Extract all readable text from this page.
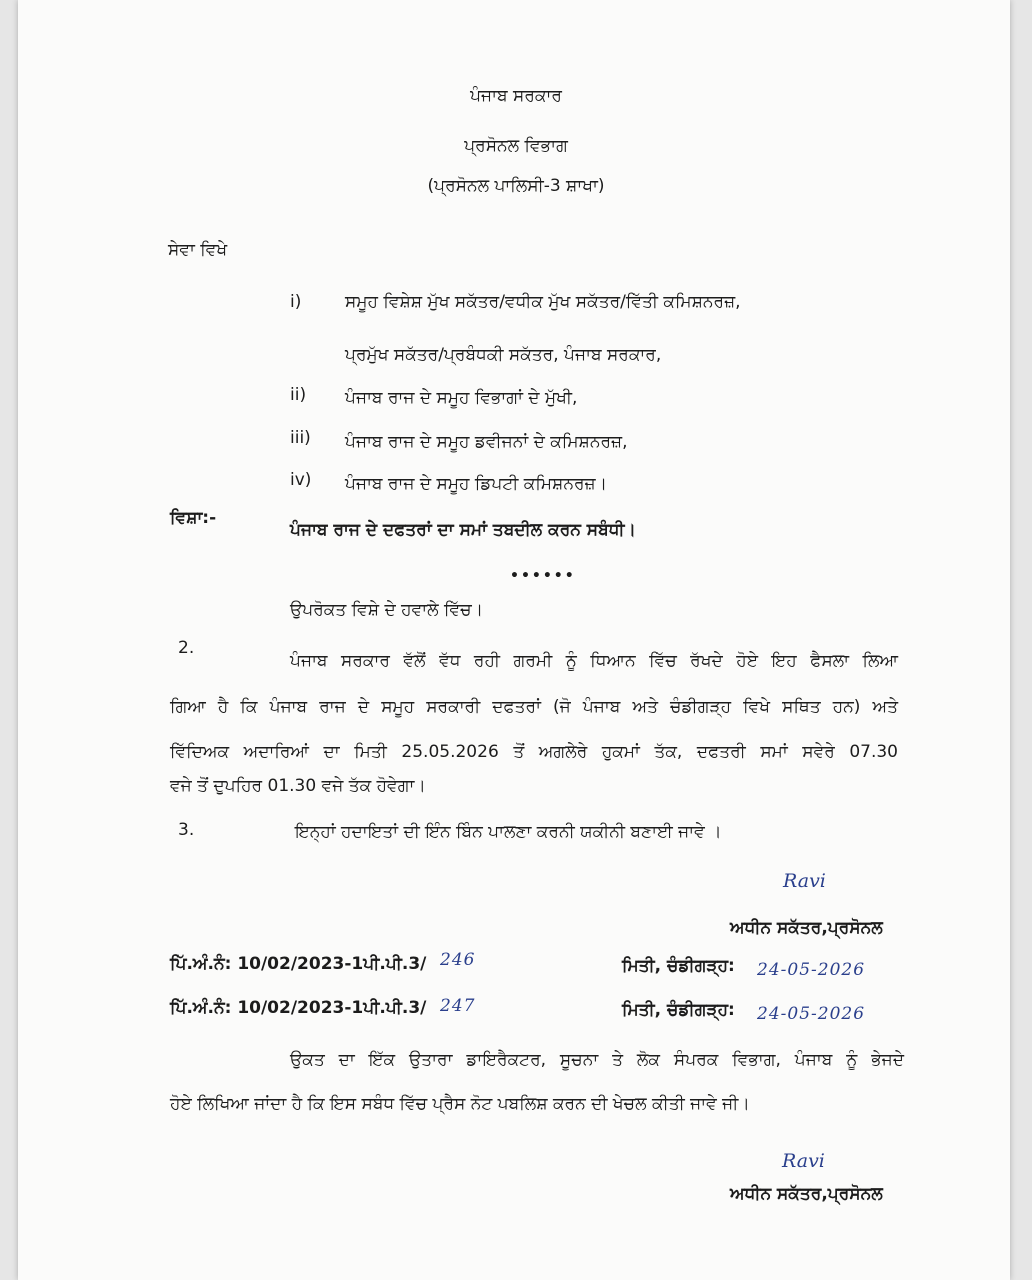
ਪੰਜਾਬ ਸਰਕਾਰ
ਪ੍ਰਸੋਨਲ ਵਿਭਾਗ
(ਪ੍ਰਸੋਨਲ ਪਾਲਿਸੀ-3 ਸ਼ਾਖਾ)
ਸੇਵਾ ਵਿਖੇ
i)	ਸਮੂਹ ਵਿਸ਼ੇਸ਼ ਮੁੱਖ ਸਕੱਤਰ/ਵਧੀਕ ਮੁੱਖ ਸਕੱਤਰ/ਵਿੱਤੀ ਕਮਿਸ਼ਨਰਜ਼,
ਪ੍ਰਮੁੱਖ ਸਕੱਤਰ/ਪ੍ਰਬੰਧਕੀ ਸਕੱਤਰ, ਪੰਜਾਬ ਸਰਕਾਰ,
ii) ਪੰਜਾਬ ਰਾਜ ਦੇ ਸਮੂਹ ਵਿਭਾਗਾਂ ਦੇ ਮੁੱਖੀ,
iii) ਪੰਜਾਬ ਰਾਜ ਦੇ ਸਮੂਹ ਡਵੀਜਨਾਂ ਦੇ ਕਮਿਸ਼ਨਰਜ਼,
iv) ਪੰਜਾਬ ਰਾਜ ਦੇ ਸਮੂਹ ਡਿਪਟੀ ਕਮਿਸ਼ਨਰਜ਼।
ਵਿਸ਼ਾ:-
ਪੰਜਾਬ ਰਾਜ ਦੇ ਦਫਤਰਾਂ ਦਾ ਸਮਾਂ ਤਬਦੀਲ ਕਰਨ ਸਬੰਧੀ।
••••••
ਉਪਰੋਕਤ ਵਿਸ਼ੇ ਦੇ ਹਵਾਲੇ ਵਿੱਚ।
2.
ਪੰਜਾਬ ਸਰਕਾਰ ਵੱਲੋਂ ਵੱਧ ਰਹੀ ਗਰਮੀ ਨੂੰ ਧਿਆਨ ਵਿੱਚ ਰੱਖਦੇ ਹੋਏ ਇਹ ਫੈਸਲਾ ਲਿਆ
ਗਿਆ ਹੈ ਕਿ ਪੰਜਾਬ ਰਾਜ ਦੇ ਸਮੂਹ ਸਰਕਾਰੀ ਦਫਤਰਾਂ (ਜੋ ਪੰਜਾਬ ਅਤੇ ਚੰਡੀਗੜ੍ਹ ਵਿਖੇ ਸਥਿਤ ਹਨ) ਅਤੇ
ਵਿੱਦਿਅਕ ਅਦਾਰਿਆਂ ਦਾ ਮਿਤੀ 25.05.2026 ਤੋਂ ਅਗਲੇਰੇ ਹੁਕਮਾਂ ਤੱਕ, ਦਫਤਰੀ ਸਮਾਂ ਸਵੇਰੇ 07.30
ਵਜੇ ਤੋਂ ਦੁਪਹਿਰ 01.30 ਵਜੇ ਤੱਕ ਹੋਵੇਗਾ।
3.	ਇਨ੍ਹਾਂ ਹਦਾਇਤਾਂ ਦੀ ਇੰਨ ਬਿੰਨ ਪਾਲਣਾ ਕਰਨੀ ਯਕੀਨੀ ਬਣਾਈ ਜਾਵੇ ।
Ravi
ਅਧੀਨ ਸਕੱਤਰ,ਪ੍ਰਸੋਨਲ
ਪਿੱ.ਅੰ.ਨੰ: 10/02/2023-1ਪੀ.ਪੀ.3/ 246	ਮਿਤੀ, ਚੰਡੀਗੜ੍ਹ: 24-05-2026
ਪਿੱ.ਅੰ.ਨੰ: 10/02/2023-1ਪੀ.ਪੀ.3/ 247	ਮਿਤੀ, ਚੰਡੀਗੜ੍ਹ: 24-05-2026
ਉਕਤ ਦਾ ਇੱਕ ਉਤਾਰਾ ਡਾਇਰੈਕਟਰ, ਸੂਚਨਾ ਤੇ ਲੋਕ ਸੰਪਰਕ ਵਿਭਾਗ, ਪੰਜਾਬ ਨੂੰ ਭੇਜਦੇ
ਹੋਏ ਲਿਖਿਆ ਜਾਂਦਾ ਹੈ ਕਿ ਇਸ ਸਬੰਧ ਵਿੱਚ ਪ੍ਰੈਸ ਨੋਟ ਪਬਲਿਸ਼ ਕਰਨ ਦੀ ਖੇਚਲ ਕੀਤੀ ਜਾਵੇ ਜੀ।
Ravi
ਅਧੀਨ ਸਕੱਤਰ,ਪ੍ਰਸੋਨਲ
